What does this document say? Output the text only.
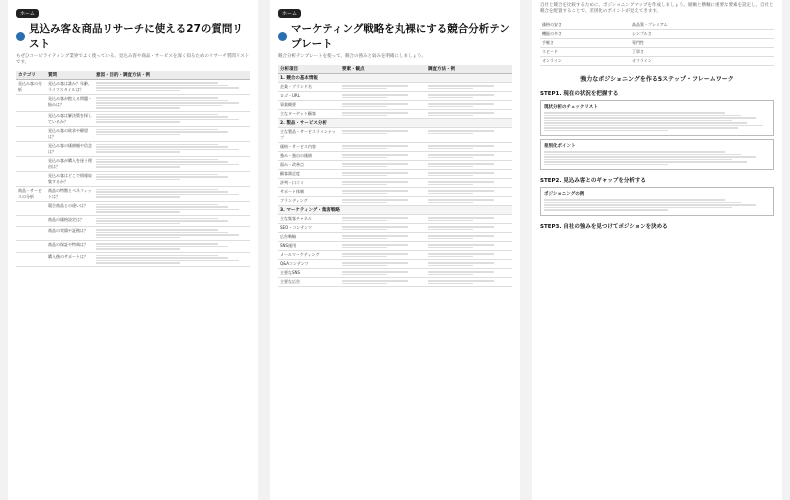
ホーム
見込み客＆商品リサーチに使える27の質問リスト
もぜひコーピライティング業界でよく使っている、見込み客や商品・サービスを深く知るためのリサーチ質問リストです。
カテゴリ	質問	意図・目的・調査方法・例
見込み客の分析	見込み客は誰か？年齢、ライフスタイルは？	

	見込み客が抱える問題・悩みは？	

	見込み客は解決策を探しているか？	

	見込み客の欲求や願望は？	

	見込み客の価値観や信念は？	

	見込み客が購入を迷う理由は？	

	見込み客はどこで情報収集するか？	

商品・サービスの分析	商品の特徴とベネフィットは？	

	競合商品との違いは？	

	商品の価格設定は？	

	商品の実績や証拠は？	

	商品の保証や特典は？	

	購入後のサポートは？	
ホーム
マーケティング戦略を丸裸にする競合分析テンプレート
競合分析テンプレートを使って、競合の強みと弱みを明確にしましょう。
分析項目	要素・観点	調査方法・例
1. 競合の基本情報		
企業・ブランド名	

ロゴ・URL	

事業概要	

主なターゲット顧客	

2. 製品・サービス分析		
主な製品・サービスラインナップ	

価格・サービス内容	

強み・独自の価値	

弱み・改善点	

顧客満足度	

評判・口コミ	

サポート体制	

ブランディング	

3. マーケティング・集客戦略		
主な集客チャネル	

SEO・コンテンツ	

広告戦略	

SNS運用	

メールマーケティング	

Q&Aコンテンツ	

主要なSNS	

主要な広告	

自社と競合を比較するために、ポジショニングマップを作成しましょう。縦軸と横軸に重要な要素を設定し、自社と競合を配置することで、差別化のポイントが見えてきます。
価格の安さ	高品質・プレミアム
機能の多さ	シンプルさ
手軽さ	専門性
スピード	丁寧さ
オンライン	オフライン
強力なポジショニングを作る5ステップ・フレームワーク
STEP1. 現在の状況を把握する
現状分析のチェックリスト
差別化ポイント
STEP2. 見込み客とのギャップを分析する
ポジショニングの例
STEP3. 自社の強みを見つけてポジションを決める
